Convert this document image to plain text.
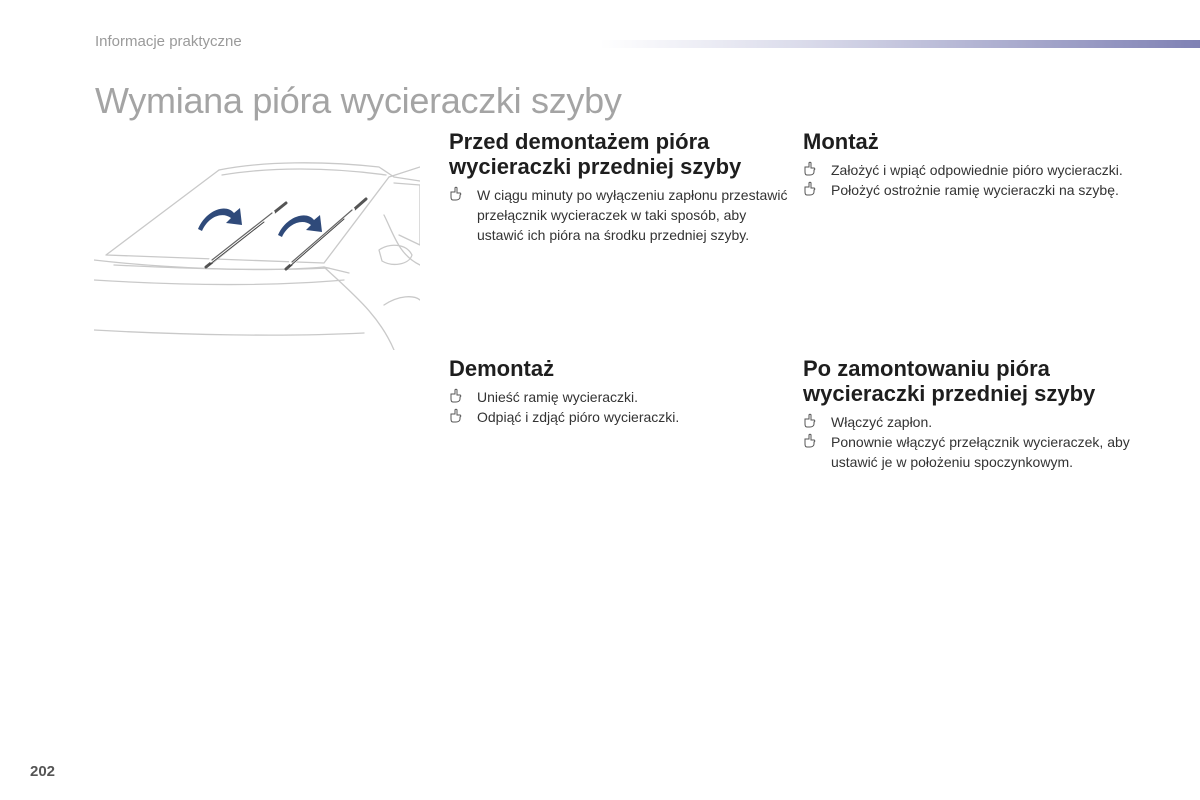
Informacje praktyczne
Wymiana pióra wycieraczki szyby
Przed demontażem pióra wycieraczki przedniej szyby
W ciągu minuty po wyłączeniu zapłonu przestawić przełącznik wycieraczek w taki sposób, aby ustawić ich pióra na środku przedniej szyby.
Montaż
Założyć i wpiąć odpowiednie pióro wycieraczki.
Położyć ostrożnie ramię wycieraczki na szybę.
Demontaż
Unieść ramię wycieraczki.
Odpiąć i zdjąć pióro wycieraczki.
Po zamontowaniu pióra wycieraczki przedniej szyby
Włączyć zapłon.
Ponownie włączyć przełącznik wycieraczek, aby ustawić je w położeniu spoczynkowym.
202
